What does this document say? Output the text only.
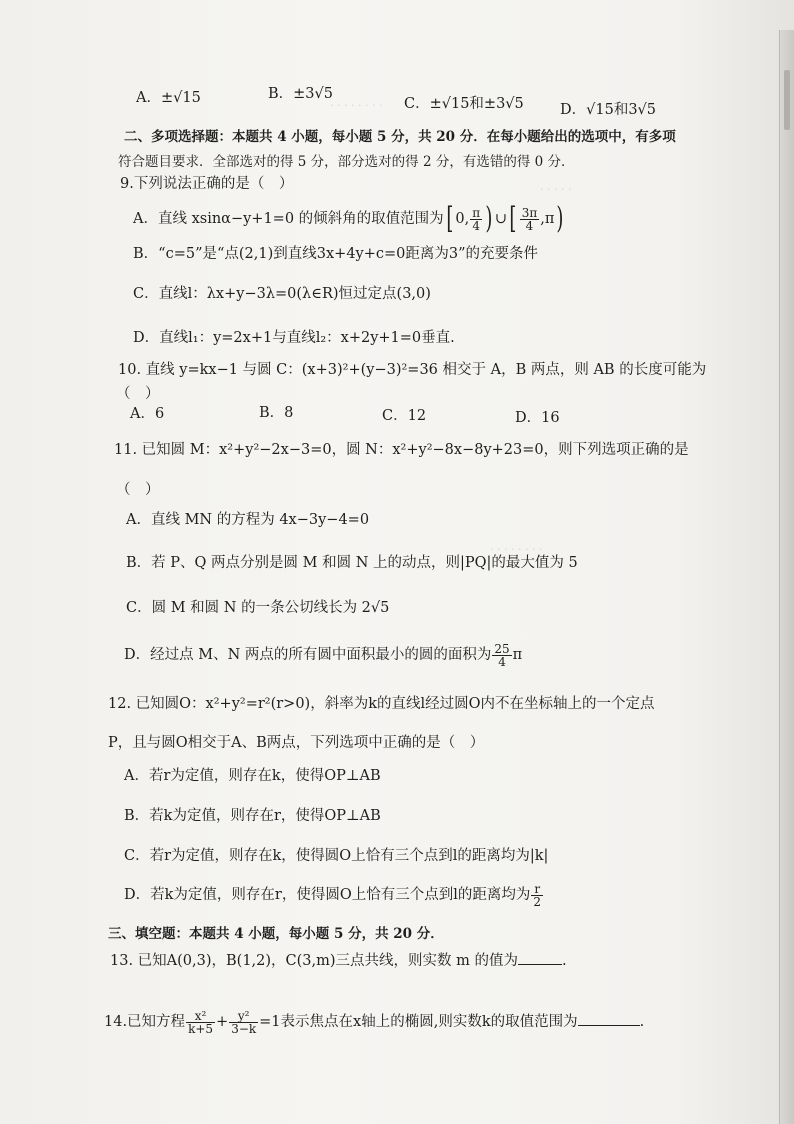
. . . . . . . .
. . . . .
. . . . . . . .
A．±√15	B．±3√5
C．±√15和±3√5 D．√15和3√5
二、多项选择题：本题共 4 小题，每小题 5 分，共 20 分．在每小题给出的选项中，有多项
符合题目要求．全部选对的得 5 分，部分选对的得 2 分，有选错的得 0 分．
9.下列说法正确的是（　）
A．直线 xsinα−y+1=0 的倾斜角的取值范围为[ 0, $\frac{\pi}{4}$ ) ∪[ $\frac{3\pi}{4} ,\pi$)
B．“c=5”是“点(2,1)到直线3x+4y+c=0距离为3”的充要条件
C．直线l：λx+y−3λ=0(λ∈R)恒过定点(3,0)
D．直线l₁：y=2x+1与直线l₂：x+2y+1=0垂直.
10. 直线 y=kx−1 与圆 C：(x+3)²+(y−3)²=36 相交于 A，B 两点，则 AB 的长度可能为
（　）
A．6	B．8	C．12	D．16
11. 已知圆 M：x²+y²−2x−3=0，圆 N：x²+y²−8x−8y+23=0，则下列选项正确的是
（　）
A．直线 MN 的方程为 4x−3y−4=0
B．若 P、Q 两点分别是圆 M 和圆 N 上的动点，则|PQ|的最大值为 5
C．圆 M 和圆 N 的一条公切线长为 2√5
D．经过点 M、N 两点的所有圆中面积最小的圆的面积为 $\frac{25}{4}$ π
12. 已知圆O：x²+y²=r²(r>0)，斜率为k的直线l经过圆O内不在坐标轴上的一个定点
P，且与圆O相交于A、B两点，下列选项中正确的是（　）
A．若r为定值，则存在k，使得OP⊥AB
B．若k为定值，则存在r，使得OP⊥AB
C．若r为定值，则存在k，使得圆O上恰有三个点到l的距离均为|k|
D．若k为定值，则存在r，使得圆O上恰有三个点到l的距离均为 $\frac{r}{2}$
三、填空题：本题共 4 小题，每小题 5 分，共 20 分．
13. 已知A(0,3)，B(1,2)，C(3,m)三点共线，则实数 m 的值为	.
14.已知方程 $\frac{\text{x²}}{k+5} + \frac{\text{y²}}{3-k} =1$表示焦点在x轴上的椭圆,则实数k的取值范围为	.
